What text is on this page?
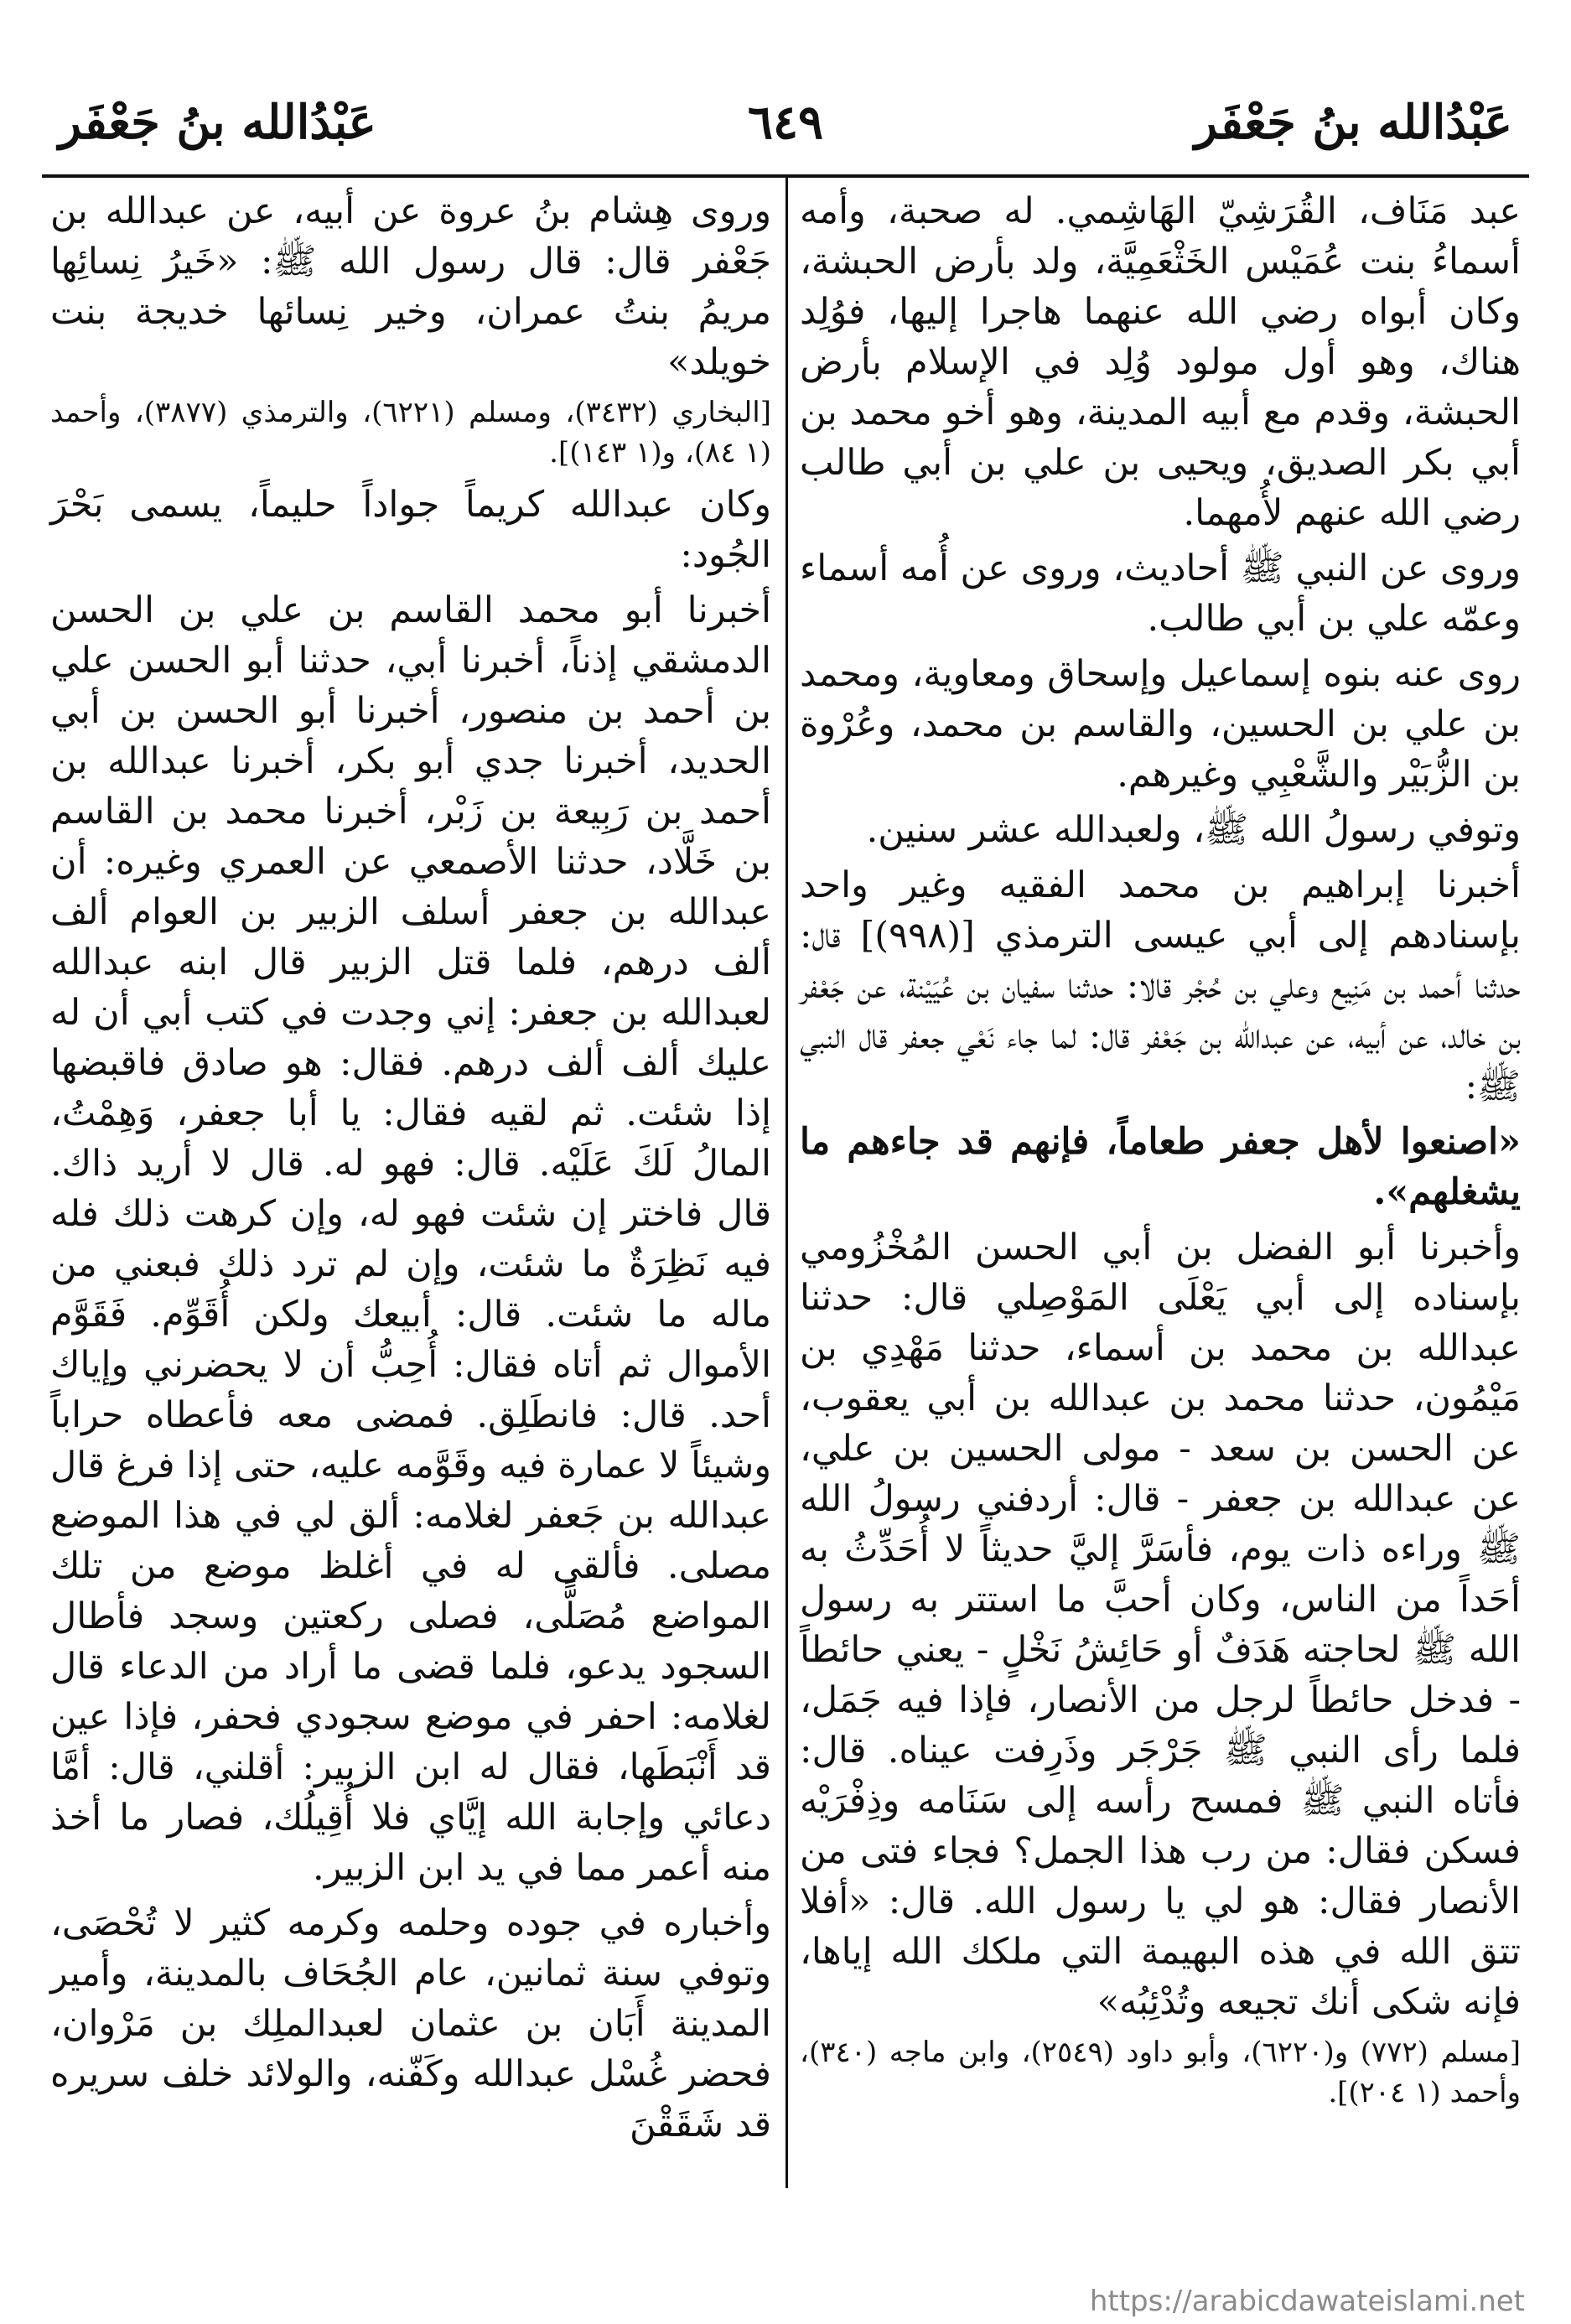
عَبْدُالله بنُ جَعْفَر
٦٤٩
عَبْدُالله بنُ جَعْفَر

عبد مَنَاف، القُرَشِيّ الهَاشِمي. له صحبة، وأمه أسماءُ بنت عُمَيْس الخَثْعَمِيَّة، ولد بأرض الحبشة، وكان أبواه رضي الله عنهما هاجرا إليها، فوُلِد هناك، وهو أول مولود وُلِد في الإسلام بأرض الحبشة، وقدم مع أبيه المدينة، وهو أخو محمد بن أبي بكر الصديق، ويحيى بن علي بن أبي طالب رضي الله عنهم لأُمهما.

وروى عن النبي ﷺ أحاديث، وروى عن أُمه أسماء وعمّه علي بن أبي طالب.

روى عنه بنوه إسماعيل وإسحاق ومعاوية، ومحمد بن علي بن الحسين، والقاسم بن محمد، وعُرْوة بن الزُّبَيْر والشَّعْبِي وغيرهم.

وتوفي رسولُ الله ﷺ، ولعبدالله عشر سنين.

أخبرنا إبراهيم بن محمد الفقيه وغير واحد بإسنادهم إلى أبي عيسى الترمذي [(٩٩٨)] قال: حدثنا أحمد بن مَنِيع وعلي بن حُجْر قالا: حدثنا سفيان بن عُيَيْنة، عن جَعْفر بن خالد، عن أبيه، عن عبدالله بن جَعْفر قال: لما جاء نَعْي جعفر قال النبي ﷺ:

«اصنعوا لأهل جعفر طعاماً، فإنهم قد جاءهم ما يشغلهم».

وأخبرنا أبو الفضل بن أبي الحسن المُخْزُومي بإسناده إلى أبي يَعْلَى المَوْصِلي قال: حدثنا عبدالله بن محمد بن أسماء، حدثنا مَهْدِي بن مَيْمُون، حدثنا محمد بن عبدالله بن أبي يعقوب، عن الحسن بن سعد - مولى الحسين بن علي، عن عبدالله بن جعفر - قال: أردفني رسولُ الله ﷺ وراءه ذات يوم، فأسَرَّ إليَّ حديثاً لا أُحَدِّثُ به أحَداً من الناس، وكان أحبَّ ما استتر به رسول الله ﷺ لحاجته هَدَفٌ أو حَائِشُ نَخْلٍ - يعني حائطاً - فدخل حائطاً لرجل من الأنصار، فإذا فيه جَمَل، فلما رأى النبي ﷺ جَرْجَر وذَرِفت عيناه. قال: فأتاه النبي ﷺ فمسح رأسه إلى سَنَامه وذِفْرَيْه فسكن فقال: من رب هذا الجمل؟ فجاء فتى من الأنصار فقال: هو لي يا رسول الله. قال: «أفلا تتق الله في هذه البهيمة التي ملكك الله إياها، فإنه شكى أنك تجيعه وتُدْئِبُه»

[مسلم (٧٧٢) و(٦٢٢٠)، وأبو داود (٢٥٤٩)، وابن ماجه (٣٤٠)، وأحمد (١ ٢٠٤)].

وروى هِشام بنُ عروة عن أبيه، عن عبدالله بن جَعْفر قال: قال رسول الله ﷺ: «خَيرُ نِسائِها مريمُ بنتُ عمران، وخير نِسائها خديجة بنت خويلد»

[البخاري (٣٤٣٢)، ومسلم (٦٢٢١)، والترمذي (٣٨٧٧)، وأحمد (١ ٨٤)، و(١ ١٤٣)].

وكان عبدالله كريماً جواداً حليماً، يسمى بَحْرَ الجُود:

أخبرنا أبو محمد القاسم بن علي بن الحسن الدمشقي إذناً، أخبرنا أبي، حدثنا أبو الحسن علي بن أحمد بن منصور، أخبرنا أبو الحسن بن أبي الحديد، أخبرنا جدي أبو بكر، أخبرنا عبدالله بن أحمد بن رَبِيعة بن زَبْر، أخبرنا محمد بن القاسم بن خَلَّاد، حدثنا الأصمعي عن العمري وغيره: أن عبدالله بن جعفر أسلف الزبير بن العوام ألف ألف درهم، فلما قتل الزبير قال ابنه عبدالله لعبدالله بن جعفر: إني وجدت في كتب أبي أن له عليك ألف ألف درهم. فقال: هو صادق فاقبضها إذا شئت. ثم لقيه فقال: يا أبا جعفر، وَهِمْتُ، المالُ لَكَ عَلَيْه. قال: فهو له. قال لا أريد ذاك. قال فاختر إن شئت فهو له، وإن كرهت ذلك فله فيه نَظِرَةٌ ما شئت، وإن لم ترد ذلك فبعني من ماله ما شئت. قال: أبيعك ولكن أُقَوِّم. فَقَوَّم الأموال ثم أتاه فقال: أُحِبُّ أن لا يحضرني وإياك أحد. قال: فانطَلِق. فمضى معه فأعطاه حراباً وشيئاً لا عمارة فيه وقَوَّمه عليه، حتى إذا فرغ قال عبدالله بن جَعفر لغلامه: ألق لي في هذا الموضع مصلى. فألقى له في أغلظ موضع من تلك المواضع مُصَلًّى، فصلى ركعتين وسجد فأطال السجود يدعو، فلما قضى ما أراد من الدعاء قال لغلامه: احفر في موضع سجودي فحفر، فإذا عين قد أَنْبَطَها، فقال له ابن الزبير: أقلني، قال: أمَّا دعائي وإجابة الله إيَّاي فلا أُقِيلُك، فصار ما أخذ منه أعمر مما في يد ابن الزبير.

وأخباره في جوده وحلمه وكرمه كثير لا تُحْصَى، وتوفي سنة ثمانين، عام الجُحَاف بالمدينة، وأمير المدينة أَبَان بن عثمان لعبدالملِك بن مَرْوان، فحضر غُسْل عبدالله وكَفّنه، والولائد خلف سريره قد شَقَقْنَ

https://arabicdawateislami.net
